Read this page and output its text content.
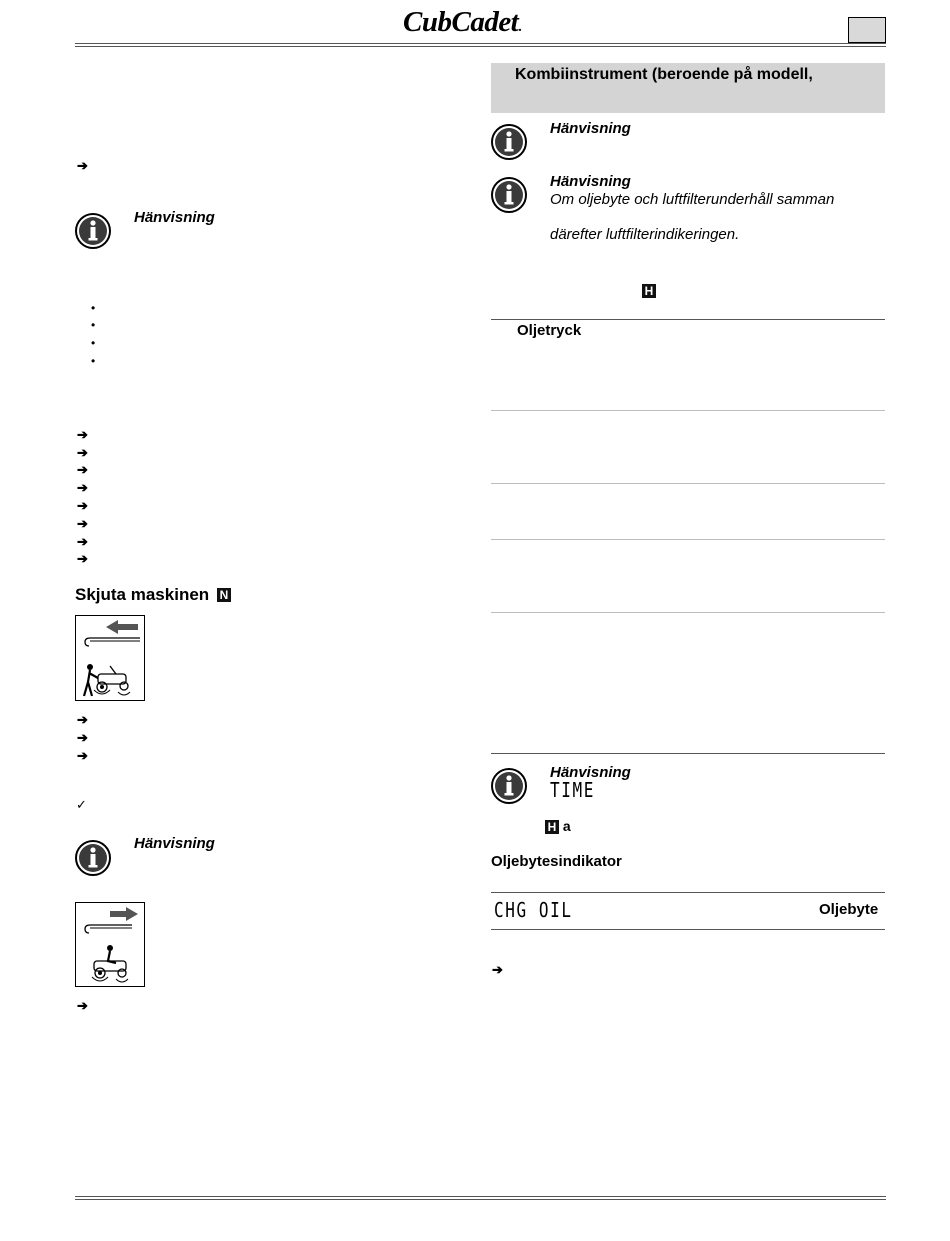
CubCadet.
➔
Hänvisning
•
•
•
•
➔
➔
➔
➔
➔
➔
➔
➔
Skjuta maskinen N
➔
➔
➔
✓
Hänvisning
➔
Kombiinstrument (beroende på modell,
Hänvisning
Hänvisning
Om oljebyte och luftfilterunderhåll samman
därefter luftfilterindikeringen.
H
Oljetryck
Hänvisning
TIME
H a
Oljebytesindikator
CHG OIL	Oljebyte
➔
